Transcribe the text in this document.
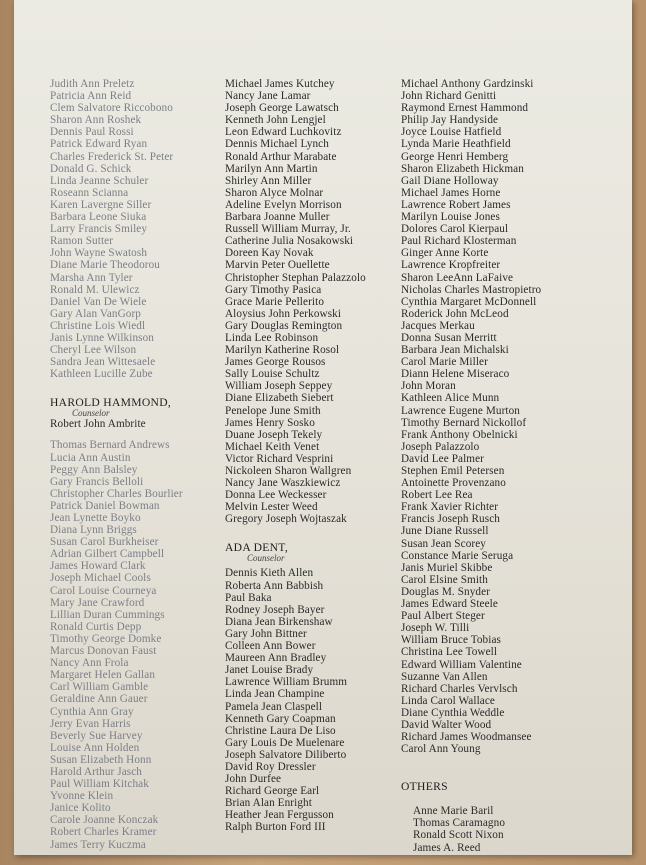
Judith Ann Preletz
Patricia Ann Reid
Clem Salvatore Riccobono
Sharon Ann Roshek
Dennis Paul Rossi
Patrick Edward Ryan
Charles Frederick St. Peter
Donald G. Schick
Linda Jeanne Schuler
Roseann Scianna
Karen Lavergne Siller
Barbara Leone Siuka
Larry Francis Smiley
Ramon Sutter
John Wayne Swatosh
Diane Marie Theodorou
Marsha Ann Tyler
Ronald M. Ulewicz
Daniel Van De Wiele
Gary Alan VanGorp
Christine Lois Wiedl
Janis Lynne Wilkinson
Cheryl Lee Wilson
Sandra Jean Wittesaele
Kathleen Lucille Zube
HAROLD HAMMOND,
Counselor
Robert John Ambrite
Thomas Bernard Andrews
Lucia Ann Austin
Peggy Ann Balsley
Gary Francis Belloli
Christopher Charles Bourlier
Patrick Daniel Bowman
Jean Lynette Boyko
Diana Lynn Briggs
Susan Carol Burkheiser
Adrian Gilbert Campbell
James Howard Clark
Joseph Michael Cools
Carol Louise Courneya
Mary Jane Crawford
Lillian Duran Cummings
Ronald Curtis Depp
Timothy George Domke
Marcus Donovan Faust
Nancy Ann Frola
Margaret Helen Gallan
Carl William Gamble
Geraldine Ann Gauer
Cynthia Ann Gray
Jerry Evan Harris
Beverly Sue Harvey
Louise Ann Holden
Susan Elizabeth Honn
Harold Arthur Jasch
Paul William Kitchak
Yvonne Klein
Janice Kolito
Carole Joanne Konczak
Robert Charles Kramer
James Terry Kuczma
Michael James Kutchey
Nancy Jane Lamar
Joseph George Lawatsch
Kenneth John Lengjel
Leon Edward Luchkovitz
Dennis Michael Lynch
Ronald Arthur Marabate
Marilyn Ann Martin
Shirley Ann Miller
Sharon Alyce Molnar
Adeline Evelyn Morrison
Barbara Joanne Muller
Russell William Murray, Jr.
Catherine Julia Nosakowski
Doreen Kay Novak
Marvin Peter Ouellette
Christopher Stephan Palazzolo
Gary Timothy Pasica
Grace Marie Pellerito
Aloysius John Perkowski
Gary Douglas Remington
Linda Lee Robinson
Marilyn Katherine Rosol
James George Rousos
Sally Louise Schultz
William Joseph Seppey
Diane Elizabeth Siebert
Penelope June Smith
James Henry Sosko
Duane Joseph Tekely
Michael Keith Venet
Victor Richard Vesprini
Nickoleen Sharon Wallgren
Nancy Jane Waszkiewicz
Donna Lee Weckesser
Melvin Lester Weed
Gregory Joseph Wojtaszak
ADA DENT,
Counselor
Dennis Kieth Allen
Roberta Ann Babbish
Paul Baka
Rodney Joseph Bayer
Diana Jean Birkenshaw
Gary John Bittner
Colleen Ann Bower
Maureen Ann Bradley
Janet Louise Brady
Lawrence William Brumm
Linda Jean Champine
Pamela Jean Claspell
Kenneth Gary Coapman
Christine Laura De Liso
Gary Louis De Muelenare
Joseph Salvatore Diliberto
David Roy Dressler
John Durfee
Richard George Earl
Brian Alan Enright
Heather Jean Fergusson
Ralph Burton Ford III
Michael Anthony Gardzinski
John Richard Genitti
Raymond Ernest Hammond
Philip Jay Handyside
Joyce Louise Hatfield
Lynda Marie Heathfield
George Henri Hemberg
Sharon Elizabeth Hickman
Gail Diane Holloway
Michael James Horne
Lawrence Robert James
Marilyn Louise Jones
Dolores Carol Kierpaul
Paul Richard Klosterman
Ginger Anne Korte
Lawrence Kropfreiter
Sharon LeeAnn LaFaive
Nicholas Charles Mastropietro
Cynthia Margaret McDonnell
Roderick John McLeod
Jacques Merkau
Donna Susan Merritt
Barbara Jean Michalski
Carol Marie Miller
Diann Helene Miseraco
John Moran
Kathleen Alice Munn
Lawrence Eugene Murton
Timothy Bernard Nickollof
Frank Anthony Obelnicki
Joseph Palazzolo
David Lee Palmer
Stephen Emil Petersen
Antoinette Provenzano
Robert Lee Rea
Frank Xavier Richter
Francis Joseph Rusch
June Diane Russell
Susan Jean Scorey
Constance Marie Seruga
Janis Muriel Skibbe
Carol Elsine Smith
Douglas M. Snyder
James Edward Steele
Paul Albert Steger
Joseph W. Tilli
William Bruce Tobias
Christina Lee Towell
Edward William Valentine
Suzanne Van Allen
Richard Charles Vervlsch
Linda Carol Wallace
Diane Cynthia Weddle
David Walter Wood
Richard James Woodmansee
Carol Ann Young
OTHERS
Anne Marie Baril
Thomas Caramagno
Ronald Scott Nixon
James A. Reed
